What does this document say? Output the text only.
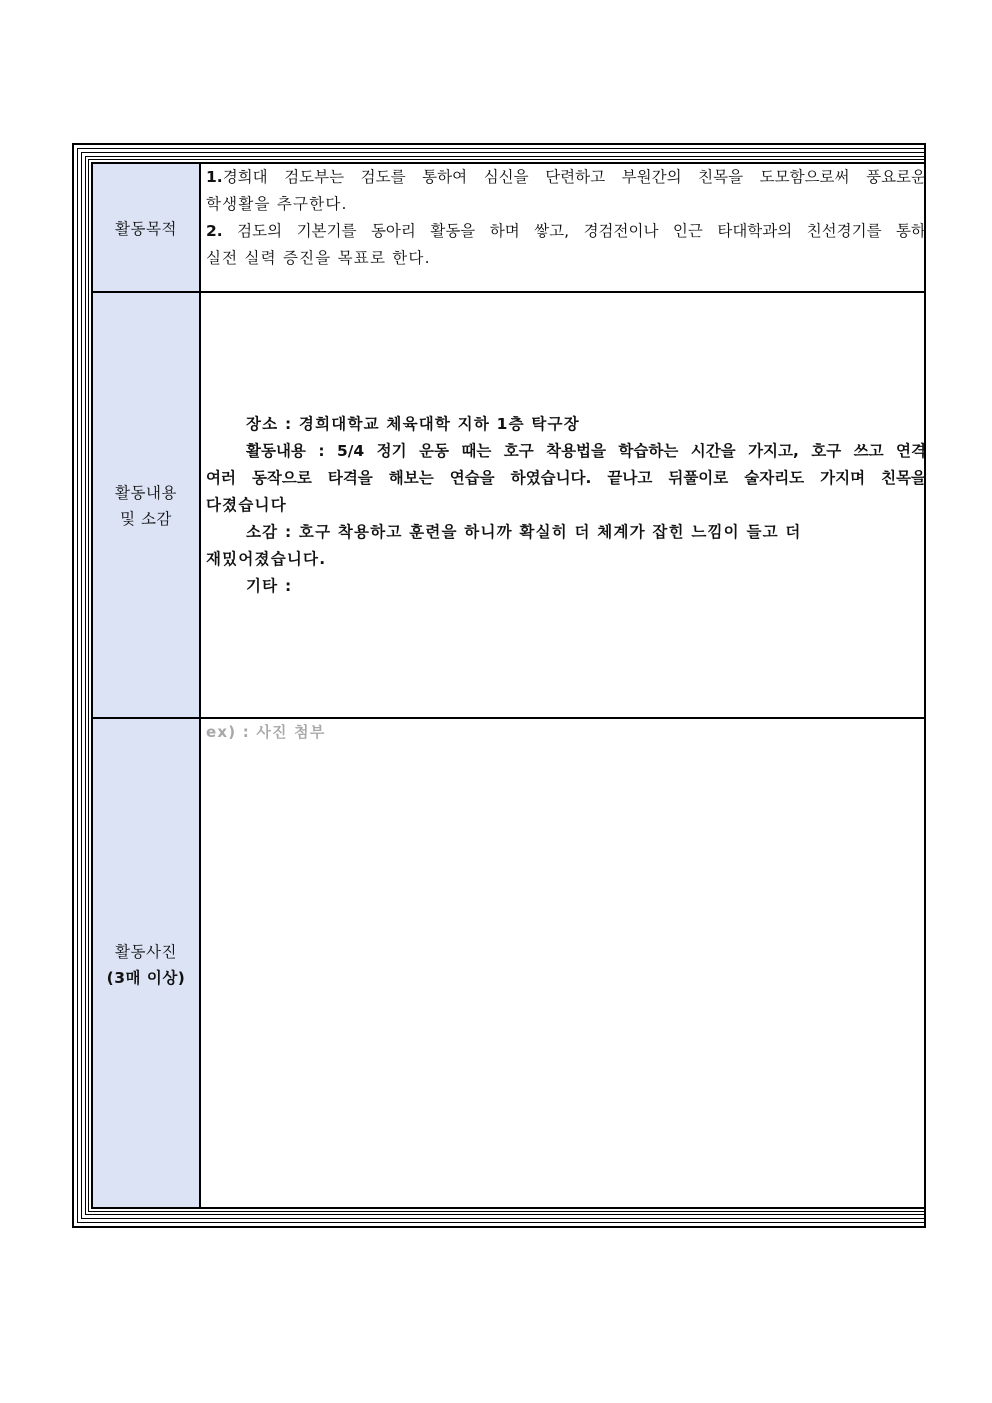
활동목적
1.경희대 검도부는 검도를 통하여 심신을 단련하고 부원간의 친목을 도모함으로써 풍요로운
학생활을 추구한다.
2. 검도의 기본기를 동아리 활동을 하며 쌓고, 경검전이나 인근 타대학과의 친선경기를 통하
실전 실력 증진을 목표로 한다.
활동내용
및 소감
장소 : 경희대학교 체육대학 지하 1층 탁구장
활동내용 : 5/4 정기 운동 때는 호구 착용법을 학습하는 시간을 가지고, 호구 쓰고 연격
여러 동작으로 타격을 해보는 연습을 하였습니다. 끝나고 뒤풀이로 술자리도 가지며 친목을
다졌습니다
소감 : 호구 착용하고 훈련을 하니까 확실히 더 체계가 잡힌 느낌이 들고 더
재밌어졌습니다.
기타 :
활동사진
(3매 이상)
ex) : 사진 첨부
